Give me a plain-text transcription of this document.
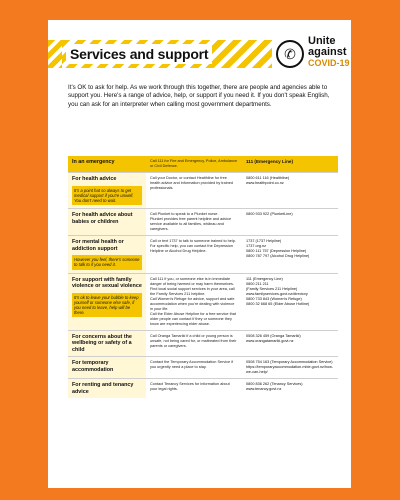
Services and support	✆
Unite
against
COVID-19

It's OK to ask for help. As we work through this together, there are people and agencies able to support you. Here's a range of advice, help, or support if you need it. If you don't speak English, you can ask for an interpreter when calling most government departments.

In an emergency	Call 111 for Fire and Emergency, Police, Ambulance or Civil Defence.
111 (Emergency Line)
For health advice
It's a point hat so always to get medical support if you're unwell. You don't need to wait.
Call your Doctor, or contact Healthline for free health advice and information provided by trained professionals.
0800 611 116 (Healthline)
www.healthpoint.co.nz
For health advice about babies or children
Call Plunket to speak to a Plunket nurse.
Plunket provides free parent helpline and advice service available to all families, whānau and caregivers.
0800 933 922 (PlunketLine)
For mental health or addiction support
However you feel, there's someone to talk to if you need it.
Call or text 1737 to talk to someone trained to help.
For specific help, you can contact the Depression Helpline or Alcohol Drug Helpline.
1737 (1737 Helpline)
1737.org.nz
0800 111 757 (Depression Helpline)
0800 787 797 (Alcohol Drug Helpline)
For support with family violence or sexual violence
It's ok to leave your bubble to keep yourself or someone else safe, if you need to leave, help will be there.
Call 111 if you, or someone else is in immediate danger of being harmed or may harm themselves.
Find local social support services in your area, call the Family Services 211 helpline.
Call Women's Refuge for advice, support and safe accommodation when you're dealing with violence in your life.
Call the Elder Abuse Helpline for a free service that older people can contact if they or someone they know are experiencing elder abuse.
111 (Emergency Line)
0800 211 211
(Family Services 211 Helpline)
www.familyservices.govt.nz/directory
0800 733 843 (Women's Refuge)
0800 32 668 65 (Elder Abuse Hotline)
For concerns about the wellbeing or safety of a child
Call Oranga Tamariki if a child or young person is unsafe, not being cared for, or maltreated from their parents or caregivers.
0508 326 459 (Oranga Tamariki)
www.orangatamariki.govt.nz
For temporary accommodation
Contact the Temporary Accommodation Service if you urgently need a place to stay.
0508 754 163 (Temporary Accommodation Service)
https://temporaryaccommodation.mbie.govt.nz/how-we-can-help/
For renting and tenancy advice
Contact Tenancy Services for information about your legal rights.
0800 836 262 (Tenancy Services)
www.tenancy.govt.nz
